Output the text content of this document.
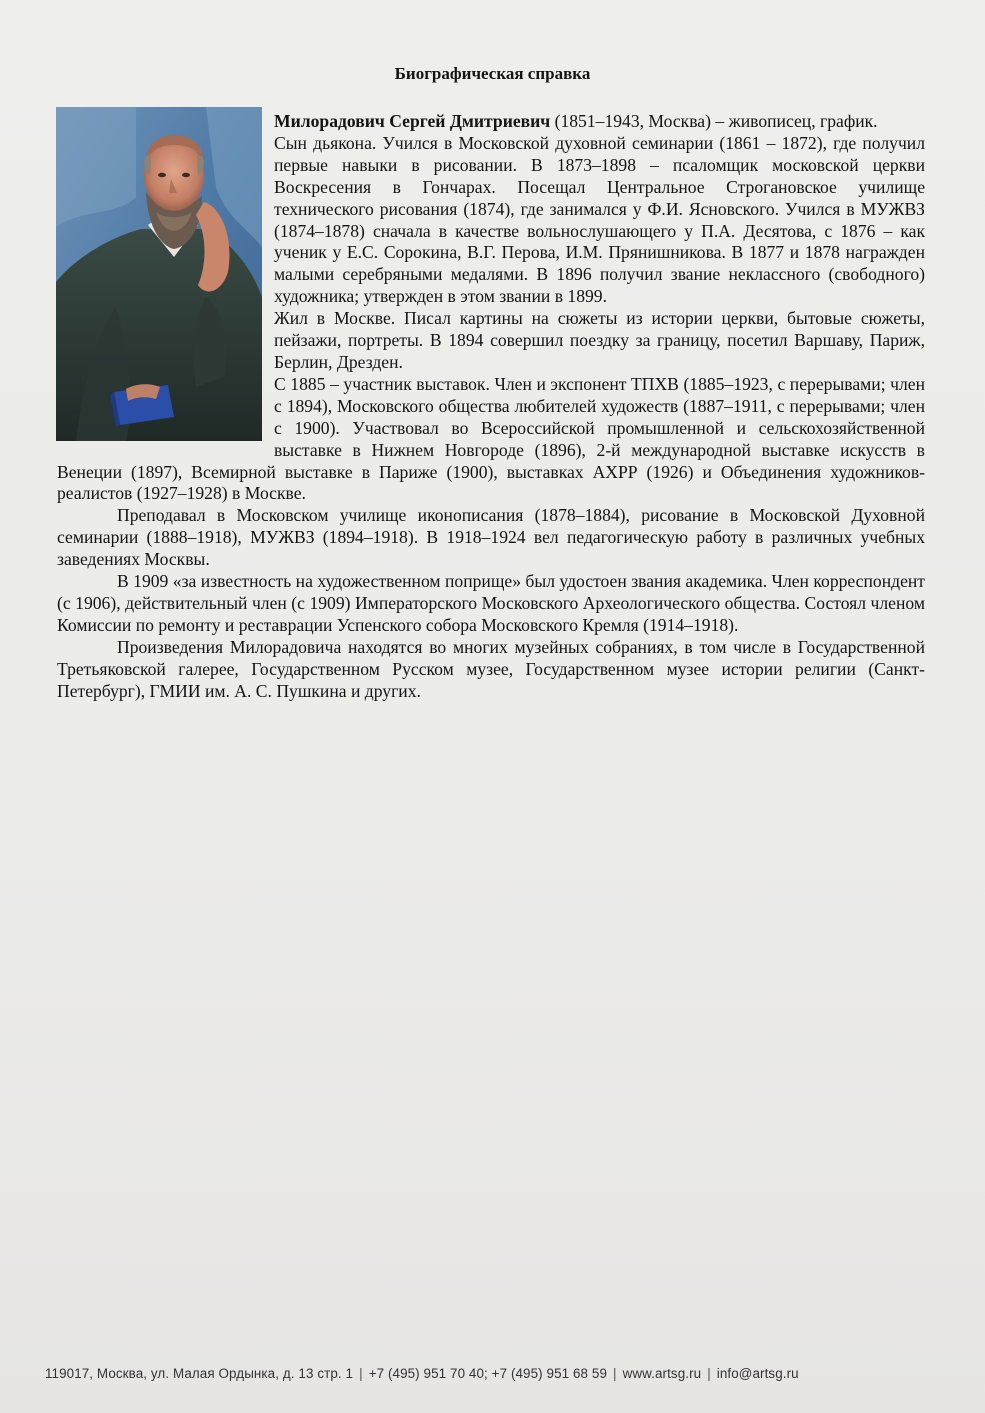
Биографическая справка

Милорадович Сергей Дмитриевич (1851–1943, Москва) – живописец, график.

Сын дьякона. Учился в Московской духовной семинарии (1861 – 1872), где получил первые навыки в рисовании. В 1873–1898 – псаломщик московской церкви Воскресения в Гончарах. Посещал Центральное Строгановское училище технического рисования (1874), где занимался у Ф.И. Ясновского. Учился в МУЖВЗ (1874–1878) сначала в качестве вольнослушающего у П.А. Десятова, с 1876 – как ученик у Е.С. Сорокина, В.Г. Перова, И.М. Прянишникова. В 1877 и 1878 награжден малыми серебряными медалями. В 1896 получил звание неклассного (свободного) художника; утвержден в этом звании в 1899.

Жил в Москве. Писал картины на сюжеты из истории церкви, бытовые сюжеты, пейзажи, портреты. В 1894 совершил поездку за границу, посетил Варшаву, Париж, Берлин, Дрезден.

С 1885 – участник выставок. Член и экспонент ТПХВ (1885–1923, с перерывами; член с 1894), Московского общества любителей художеств (1887–1911, с перерывами; член с 1900). Участвовал во Всероссийской промышленной и сельскохозяйственной выставке в Нижнем Новгороде (1896), 2-й международной выставке искусств в Венеции (1897), Всемирной выставке в Париже (1900), выставках АХРР (1926) и Объединения художников-реалистов (1927–1928) в Москве.

Преподавал в Московском училище иконописания (1878–1884), рисование в Московской Духовной семинарии (1888–1918), МУЖВЗ (1894–1918). В 1918–1924 вел педагогическую работу в различных учебных заведениях Москвы.

В 1909 «за известность на художественном поприще» был удостоен звания академика. Член корреспондент (с 1906), действительный член (с 1909) Императорского Московского Археологического общества. Состоял членом Комиссии по ремонту и реставрации Успенского собора Московского Кремля (1914–1918).

Произведения Милорадовича находятся во многих музейных собраниях, в том числе в Государственной Третьяковской галерее, Государственном Русском музее, Государственном музее истории религии (Санкт-Петербург), ГМИИ им. А. С. Пушкина и других.

119017, Москва, ул. Малая Ордынка, д. 13 стр. 1 | +7 (495) 951 70 40; +7 (495) 951 68 59 | www.artsg.ru | info@artsg.ru
